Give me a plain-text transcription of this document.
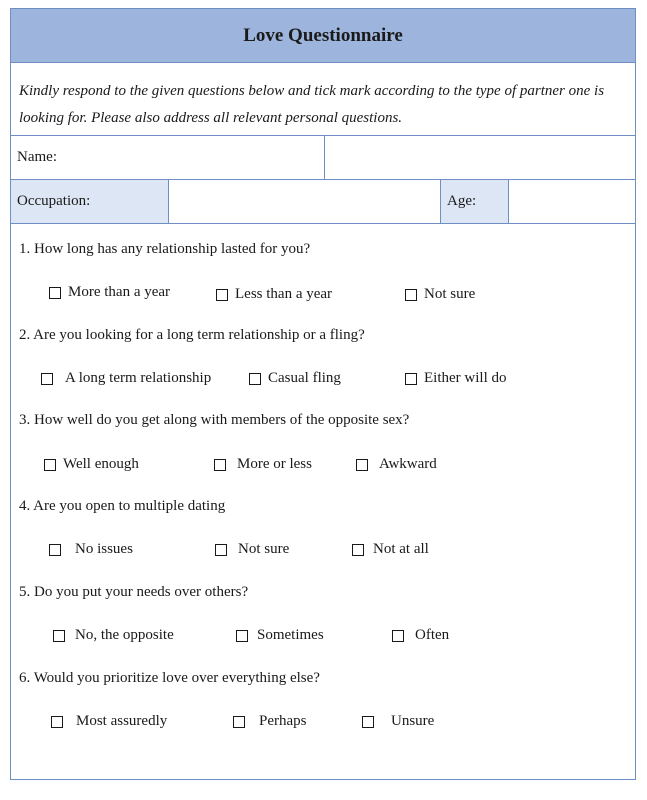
Love Questionnaire
Kindly respond to the given questions below and tick mark according to the type of partner one is looking for. Please also address all relevant personal questions.
Name:
Occupation:	Age:
1. How long has any relationship lasted for you?
More than a year	Less than a year	Not sure
2. Are you looking for a long term relationship or a fling?
A long term relationship	Casual fling	Either will do
3. How well do you get along with members of the opposite sex?
Well enough	More or less	Awkward
4. Are you open to multiple dating
No issues	Not sure	Not at all
5. Do you put your needs over others?
No, the opposite	Sometimes	Often
6. Would you prioritize love over everything else?
Most assuredly	Perhaps	Unsure
